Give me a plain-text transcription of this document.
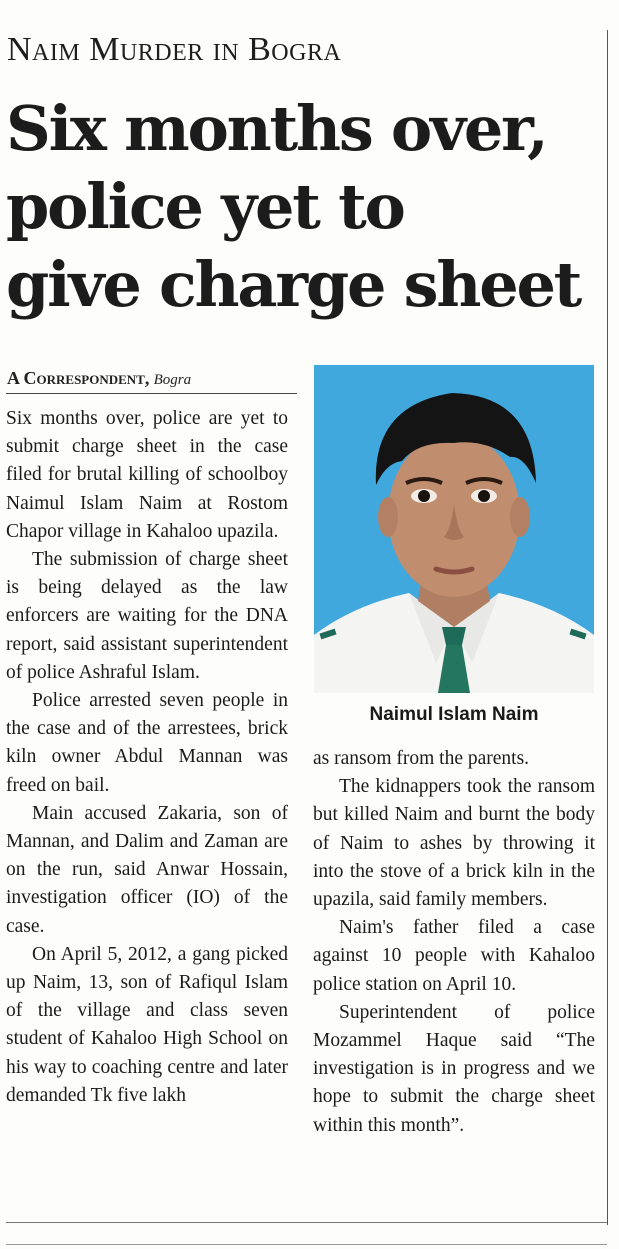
Naim Murder in Bogra
Six months over,
police yet to
give charge sheet
A Correspondent, Bogra

Six months over, police are yet to submit charge sheet in the case filed for brutal killing of schoolboy Naimul Islam Naim at Rostom Chapor village in Kahaloo upazila.

The submission of charge sheet is being delayed as the law enforcers are waiting for the DNA report, said assistant superintendent of police Ashraful Islam.

Police arrested seven people in the case and of the arrestees, brick kiln owner Abdul Mannan was freed on bail.

Main accused Zakaria, son of Mannan, and Dalim and Zaman are on the run, said Anwar Hossain, investigation officer (IO) of the case.

On April 5, 2012, a gang picked up Naim, 13, son of Rafiqul Islam of the village and class seven student of Kahaloo High School on his way to coaching centre and later demanded Tk five lakh

Naimul Islam Naim

as ransom from the parents.

The kidnappers took the ransom but killed Naim and burnt the body of Naim to ashes by throwing it into the stove of a brick kiln in the upazila, said family members.

Naim's father filed a case against 10 people with Kahaloo police station on April 10.

Superintendent of police Mozammel Haque said “The investigation is in progress and we hope to submit the charge sheet within this month”.
